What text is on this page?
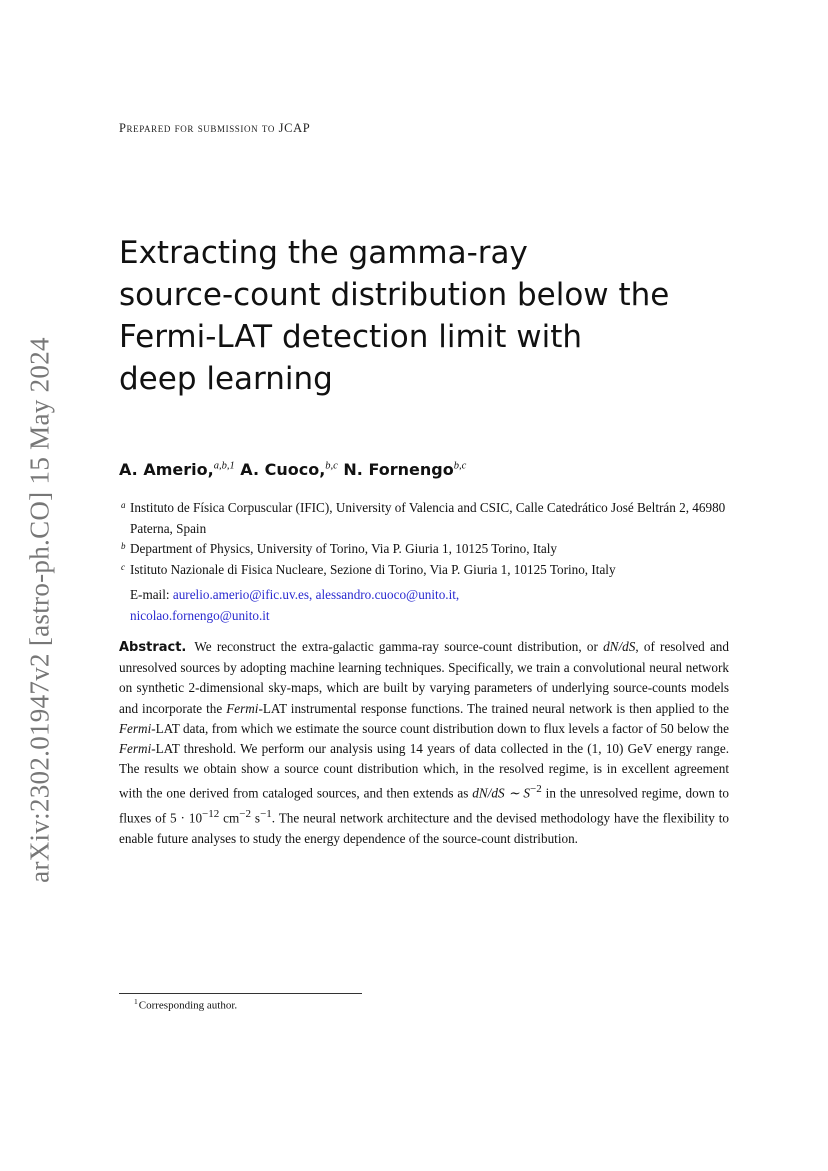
arXiv:2302.01947v2 [astro-ph.CO] 15 May 2024
Prepared for submission to JCAP
Extracting the gamma-ray
source-count distribution below the
Fermi-LAT detection limit with
deep learning
A. Amerio,$^{a,b,1}$ A. Cuoco,$^{b,c}$ N. Fornengo$^{b,c}$
a Instituto de Física Corpuscular (IFIC), University of Valencia and CSIC, Calle Catedrático José Beltrán 2, 46980 Paterna, Spain
b Department of Physics, University of Torino, Via P. Giuria 1, 10125 Torino, Italy
c Istituto Nazionale di Fisica Nucleare, Sezione di Torino, Via P. Giuria 1, 10125 Torino, Italy
E-mail: aurelio.amerio@ific.uv.es, alessandro.cuoco@unito.it,
nicolao.fornengo@unito.it
Abstract. We reconstruct the extra-galactic gamma-ray source-count distribution, or dN/dS, of resolved and unresolved sources by adopting machine learning techniques. Specifically, we train a convolutional neural network on synthetic 2-dimensional sky-maps, which are built by varying parameters of underlying source-counts models and incorporate the Fermi-LAT instrumental response functions. The trained neural network is then applied to the Fermi-LAT data, from which we estimate the source count distribution down to flux levels a factor of 50 below the Fermi-LAT threshold. We perform our analysis using 14 years of data collected in the (1, 10) GeV energy range. The results we obtain show a source count distribution which, in the resolved regime, is in excellent agreement with the one derived from cataloged sources, and then extends as dN/dS ∼ $S^{-2}$ in the unresolved regime, down to fluxes of $5 \cdot 10^{-12}$ $cm^{-2}$ $s^{-1}$. The neural network architecture and the devised methodology have the flexibility to enable future analyses to study the energy dependence of the source-count distribution.
$^1$Corresponding author.
